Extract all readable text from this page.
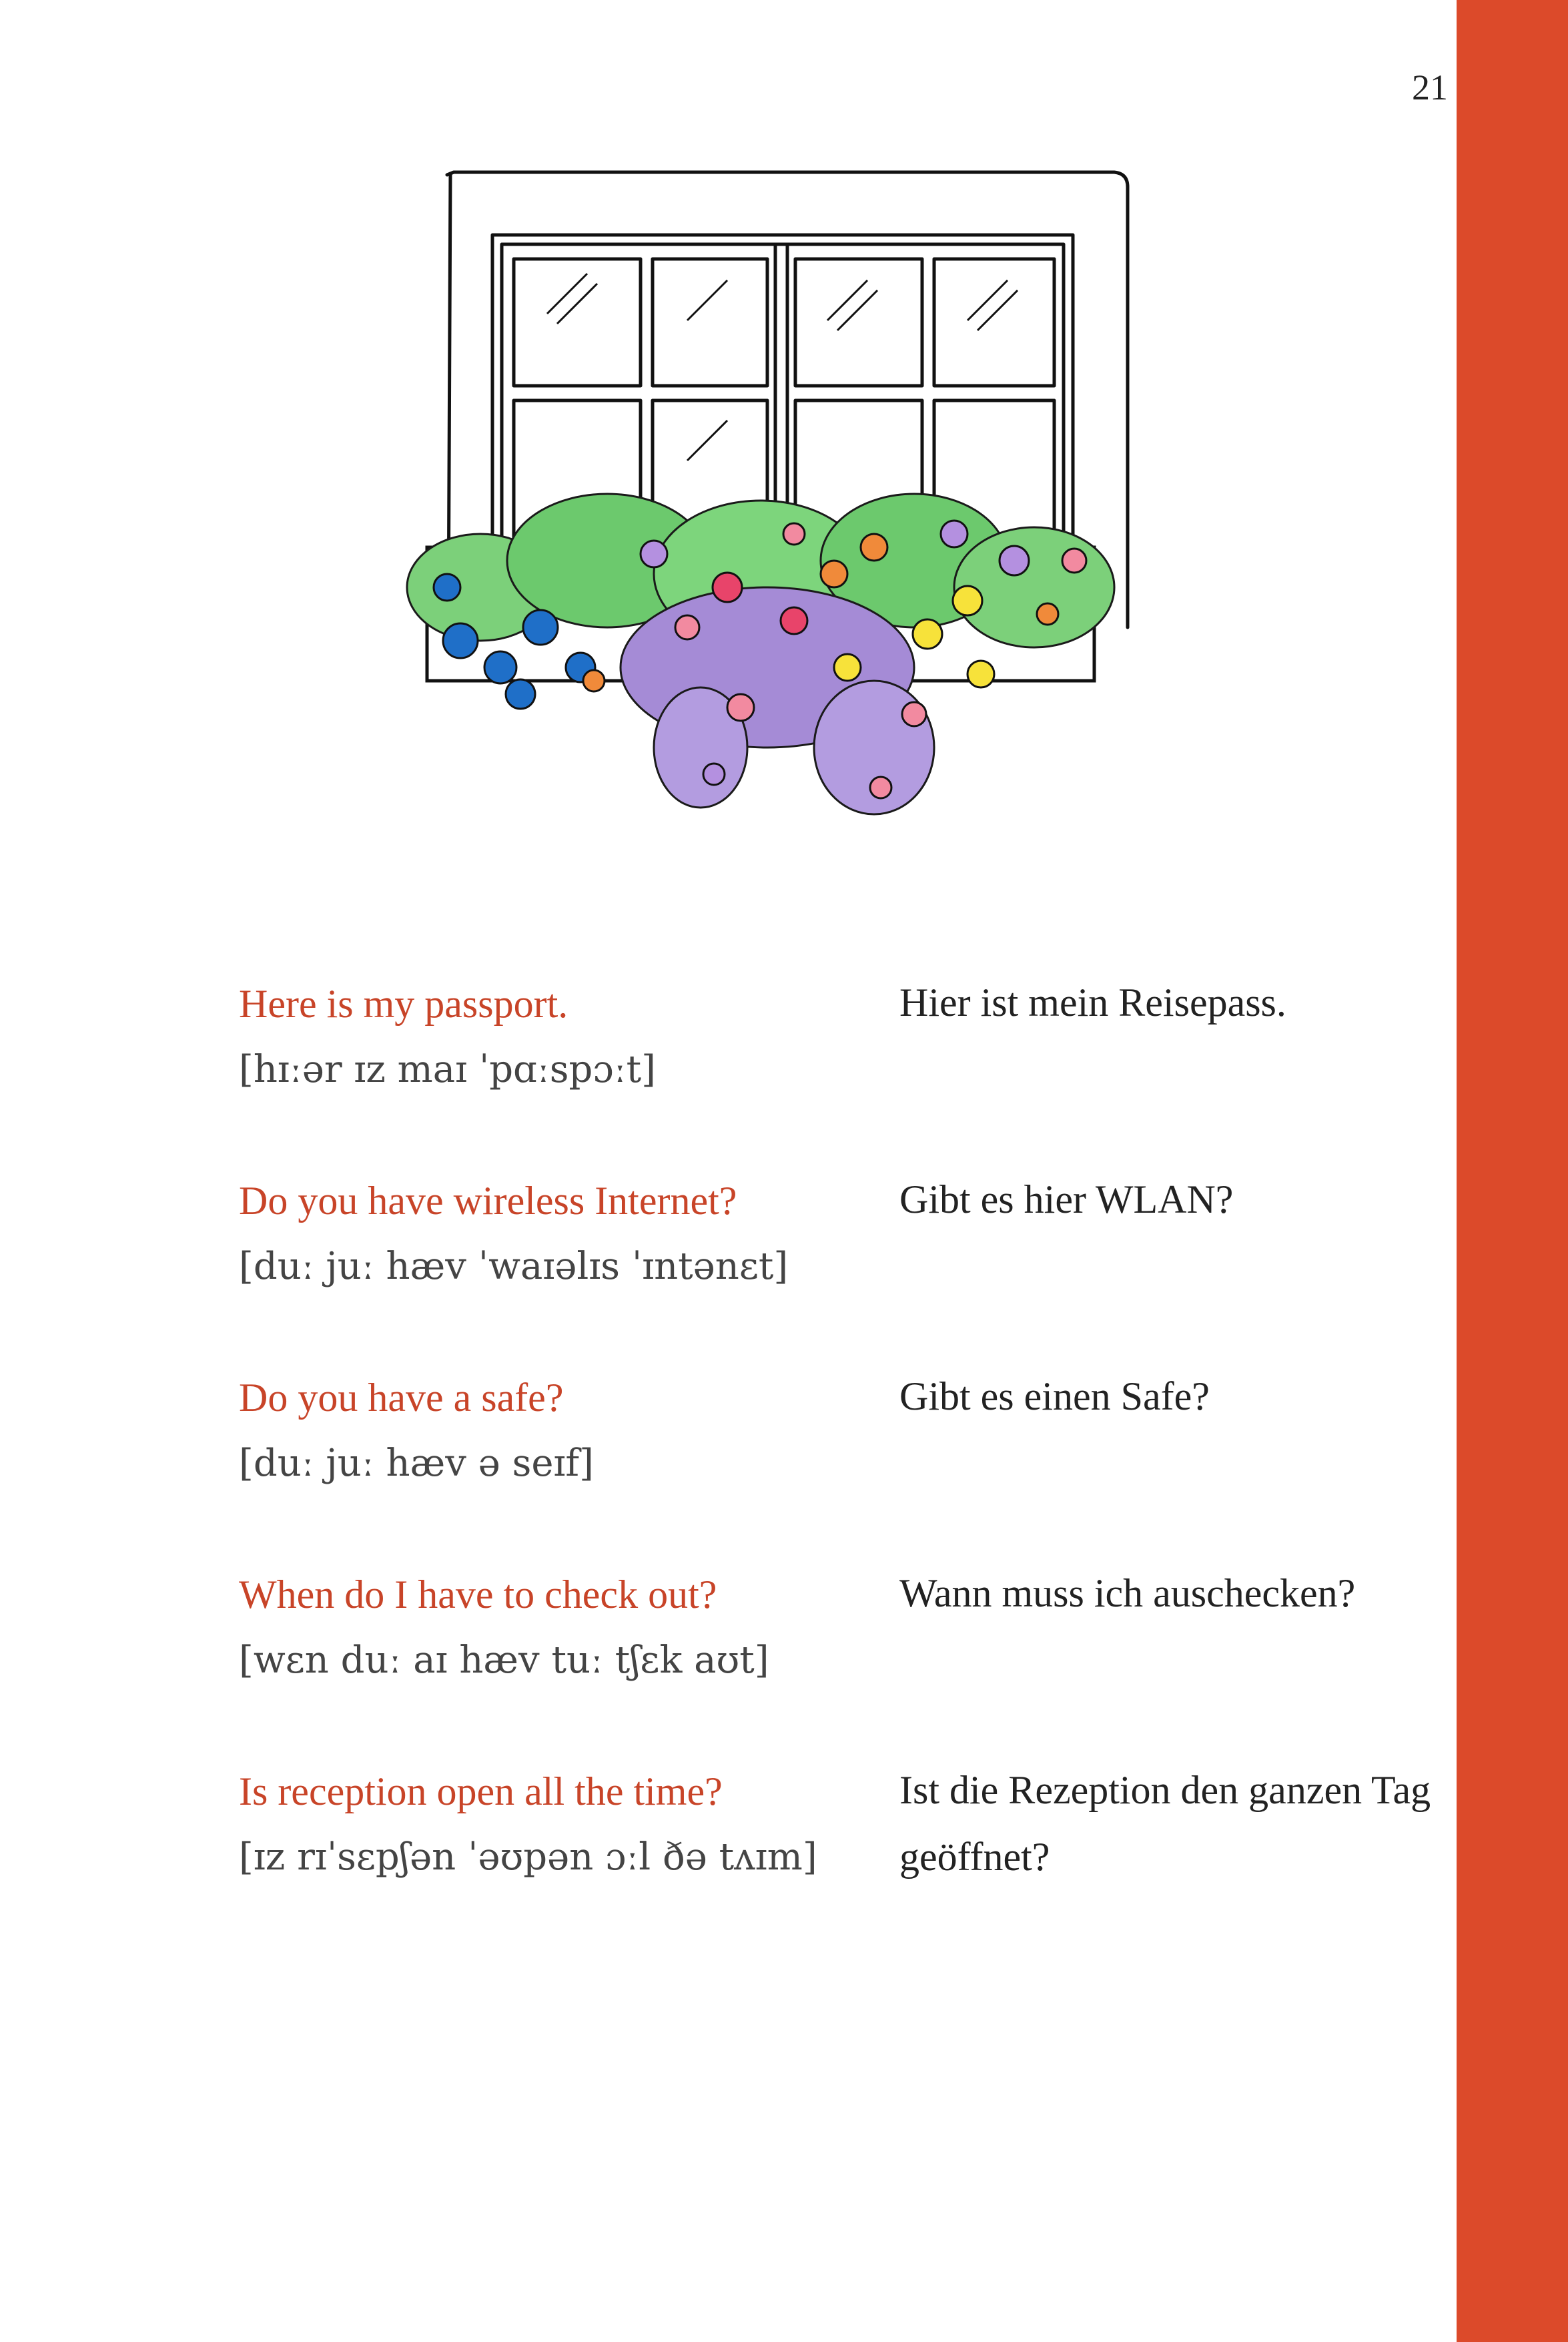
21
Here is my passport.
[hɪːər ɪz maɪ ˈpɑːspɔːt]
Hier ist mein Reisepass.
Do you have wireless Internet?
[duː juː hæv ˈwaɪəlɪs ˈɪntənɛt]
Gibt es hier WLAN?
Do you have a safe?
[duː juː hæv ə seɪf]
Gibt es einen Safe?
When do I have to check out?
[wɛn duː aɪ hæv tuː tʃɛk aʊt]
Wann muss ich auschecken?
Is reception open all the time?
[ɪz rɪˈsɛpʃən ˈəʊpən ɔːl ðə tʌɪm]
Ist die Rezeption den ganzen Tag geöffnet?
